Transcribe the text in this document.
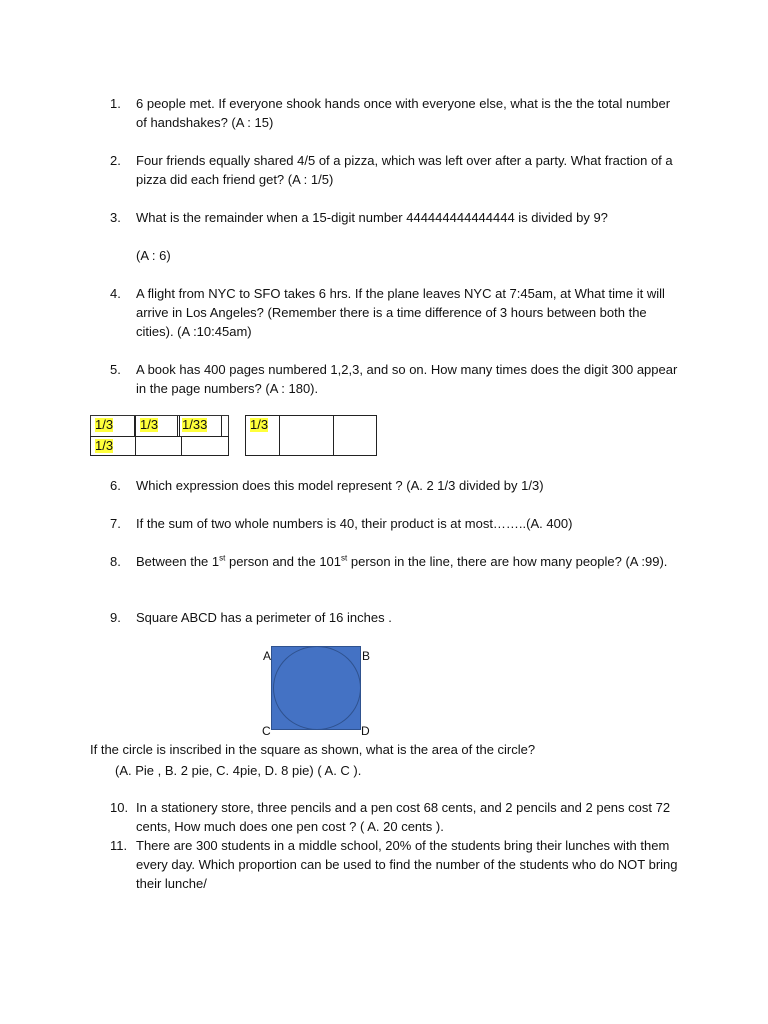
1.	6 people met. If everyone shook hands once with everyone else, what is the the total number of handshakes? (A : 15)
2.	Four friends equally shared 4/5 of a pizza, which was left over after a party. What fraction of a pizza did each friend get? (A : 1/5)
3.	What is the remainder when a 15-digit number 444444444444444 is divided by 9?
(A : 6)
4.	A flight from NYC to SFO takes 6 hrs. If the plane leaves NYC at 7:45am, at What time it will arrive in Los Angeles? (Remember there is a time difference of 3 hours between both the cities). (A :10:45am)
5.	A book has 400 pages numbered 1,2,3, and so on. How many times does the digit 300 appear in the page numbers? (A : 180).
1/3 1/3 1/33
1/3
1/3
6.	Which expression does this model represent ? (A. 2 1/3 divided by 1/3)
7.	If the sum of two whole numbers is 40, their product is at most……..(A. 400)
8.	Between the 1st person and the 101st person in the line, there are how many people? (A :99).
9.	Square ABCD has a perimeter of 16 inches .
A	B
C	D
If the circle is inscribed in the square as shown, what is the area of the circle?
(A. Pie , B. 2 pie, C. 4pie, D. 8 pie) ( A. C ).
10. In a stationery store, three pencils and a pen cost 68 cents, and 2 pencils and 2 pens cost 72 cents, How much does one pen cost ? ( A. 20 cents ).
11. There are 300 students in a middle school, 20% of the students bring their lunches with them every day. Which proportion can be used to find the number of the students who do NOT bring their lunche/
